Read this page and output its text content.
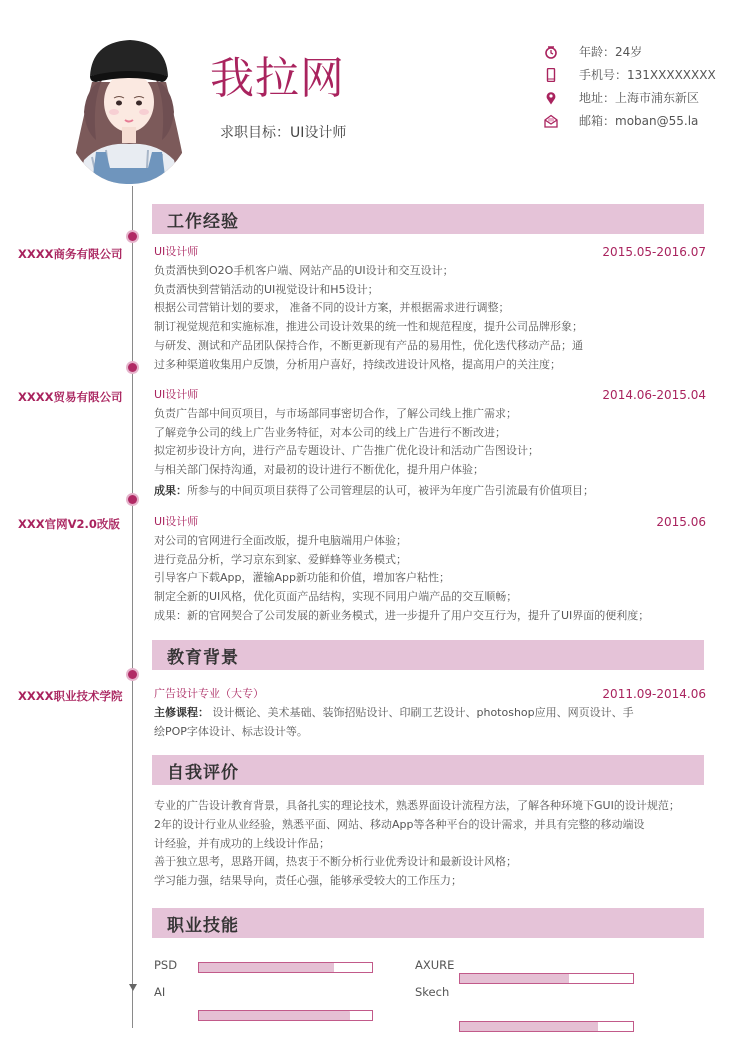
我拉网
求职目标：UI设计师
年龄：24岁
手机号：131XXXXXXXX
地址：上海市浦东新区
邮箱：moban@55.la
工作经验
XXXX商务有限公司	UI设计师	2015.05-2016.07
负责酒快到O2O手机客户端、网站产品的UI设计和交互设计；
负责酒快到营销活动的UI视觉设计和H5设计；
根据公司营销计划的要求， 准备不同的设计方案，并根据需求进行调整；
制订视觉规范和实施标准，推进公司设计效果的统一性和规范程度，提升公司品牌形象；
与研发、测试和产品团队保持合作，不断更新现有产品的易用性，优化迭代移动产品；通
过多种渠道收集用户反馈，分析用户喜好，持续改进设计风格，提高用户的关注度；
XXXX贸易有限公司	UI设计师	2014.06-2015.04
负责广告部中间页项目，与市场部同事密切合作，了解公司线上推广需求；
了解竞争公司的线上广告业务特征，对本公司的线上广告进行不断改进；
拟定初步设计方向，进行产品专题设计、广告推广优化设计和活动广告图设计；
与相关部门保持沟通，对最初的设计进行不断优化，提升用户体验；
成果：所参与的中间页项目获得了公司管理层的认可，被评为年度广告引流最有价值项目；
XXX官网V2.0改版	UI设计师	2015.06
对公司的官网进行全面改版，提升电脑端用户体验；
进行竞品分析，学习京东到家、爱鲜蜂等业务模式；
引导客户下载App，灌输App新功能和价值，增加客户粘性；
制定全新的UI风格，优化页面产品结构，实现不同用户端产品的交互顺畅；
成果：新的官网契合了公司发展的新业务模式，进一步提升了用户交互行为，提升了UI界面的便利度；
教育背景
XXXX职业技术学院	广告设计专业（大专）	2011.09-2014.06
主修课程： 设计概论、美术基础、装饰招贴设计、印刷工艺设计、photoshop应用、网页设计、手
绘POP字体设计、标志设计等。
自我评价
专业的广告设计教育背景，具备扎实的理论技术，熟悉界面设计流程方法，了解各种环境下GUI的设计规范；
2年的设计行业从业经验，熟悉平面、网站、移动App等各种平台的设计需求，并具有完整的移动端设
计经验，并有成功的上线设计作品；
善于独立思考，思路开阔，热衷于不断分析行业优秀设计和最新设计风格；
学习能力强，结果导向，责任心强，能够承受较大的工作压力；
职业技能
PSD	AXURE
AI	Skech
